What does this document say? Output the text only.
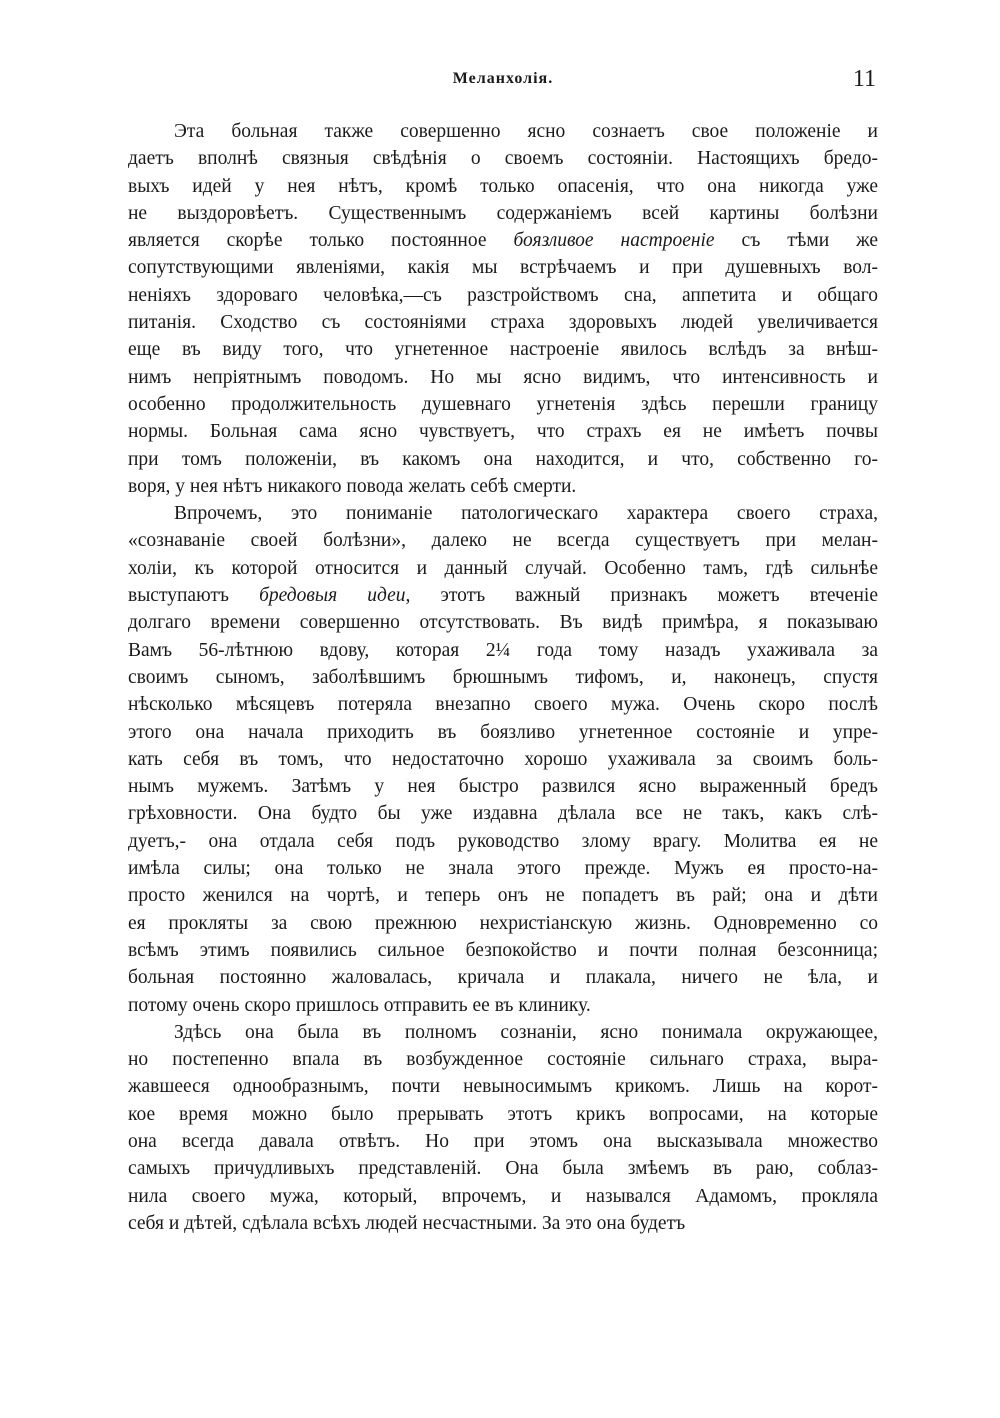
Меланхолія.	11
Эта больная также совершенно ясно сознаетъ свое положеніе и
даетъ вполнѣ связныя свѣдѣнія о своемъ состояніи. Настоящихъ бредо-
выхъ идей у нея нѣтъ, кромѣ только опасенія, что она никогда уже
не выздоровѣетъ. Существеннымъ содержаніемъ всей картины болѣзни
является скорѣе только постоянное боязливое настроеніе съ тѣми же
сопутствующими явленіями, какія мы встрѣчаемъ и при душевныхъ вол-
неніяхъ здороваго человѣка,—съ разстройствомъ сна, аппетита и общаго
питанія. Сходство съ состояніями страха здоровыхъ людей увеличивается
еще въ виду того, что угнетенное настроеніе явилось вслѣдъ за внѣш-
нимъ непріятнымъ поводомъ. Но мы ясно видимъ, что интенсивность и
особенно продолжительность душевнаго угнетенія здѣсь перешли границу
нормы. Больная сама ясно чувствуетъ, что страхъ ея не имѣетъ почвы
при томъ положеніи, въ какомъ она находится, и что, собственно го-
воря, у нея нѣтъ никакого повода желать себѣ смерти.
Впрочемъ, это пониманіе патологическаго характера своего страха,
«сознаваніе своей болѣзни», далеко не всегда существуетъ при мелан-
холіи, къ которой относится и данный случай. Особенно тамъ, гдѣ сильнѣе
выступаютъ бредовыя идеи, этотъ важный признакъ можетъ втеченіе
долгаго времени совершенно отсутствовать. Въ видѣ примѣра, я показываю
Вамъ 56-лѣтнюю вдову, которая 2¼ года тому назадъ ухаживала за
своимъ сыномъ, заболѣвшимъ брюшнымъ тифомъ, и, наконецъ, спустя
нѣсколько мѣсяцевъ потеряла внезапно своего мужа. Очень скоро послѣ
этого она начала приходить въ боязливо угнетенное состояніе и упре-
кать себя въ томъ, что недостаточно хорошо ухаживала за своимъ боль-
нымъ мужемъ. Затѣмъ у нея быстро развился ясно выраженный бредъ
грѣховности. Она будто бы уже издавна дѣлала все не такъ, какъ слѣ-
дуетъ,- она отдала себя подъ руководство злому врагу. Молитва ея не
имѣла силы; она только не знала этого прежде. Мужъ ея просто-на-
просто женился на чортѣ, и теперь онъ не попадетъ въ рай; она и дѣти
ея прокляты за свою прежнюю нехристіанскую жизнь. Одновременно со
всѣмъ этимъ появились сильное безпокойство и почти полная безсонница;
больная постоянно жаловалась, кричала и плакала, ничего не ѣла, и
потому очень скоро пришлось отправить ее въ клинику.
Здѣсь она была въ полномъ сознаніи, ясно понимала окружающее,
но постепенно впала въ возбужденное состояніе сильнаго страха, выра-
жавшееся однообразнымъ, почти невыносимымъ крикомъ. Лишь на корот-
кое время можно было прерывать этотъ крикъ вопросами, на которые
она всегда давала отвѣтъ. Но при этомъ она высказывала множество
самыхъ причудливыхъ представленій. Она была змѣемъ въ раю, соблаз-
нила своего мужа, который, впрочемъ, и назывался Адамомъ, прокляла
себя и дѣтей, сдѣлала всѣхъ людей несчастными. За это она будетъ
